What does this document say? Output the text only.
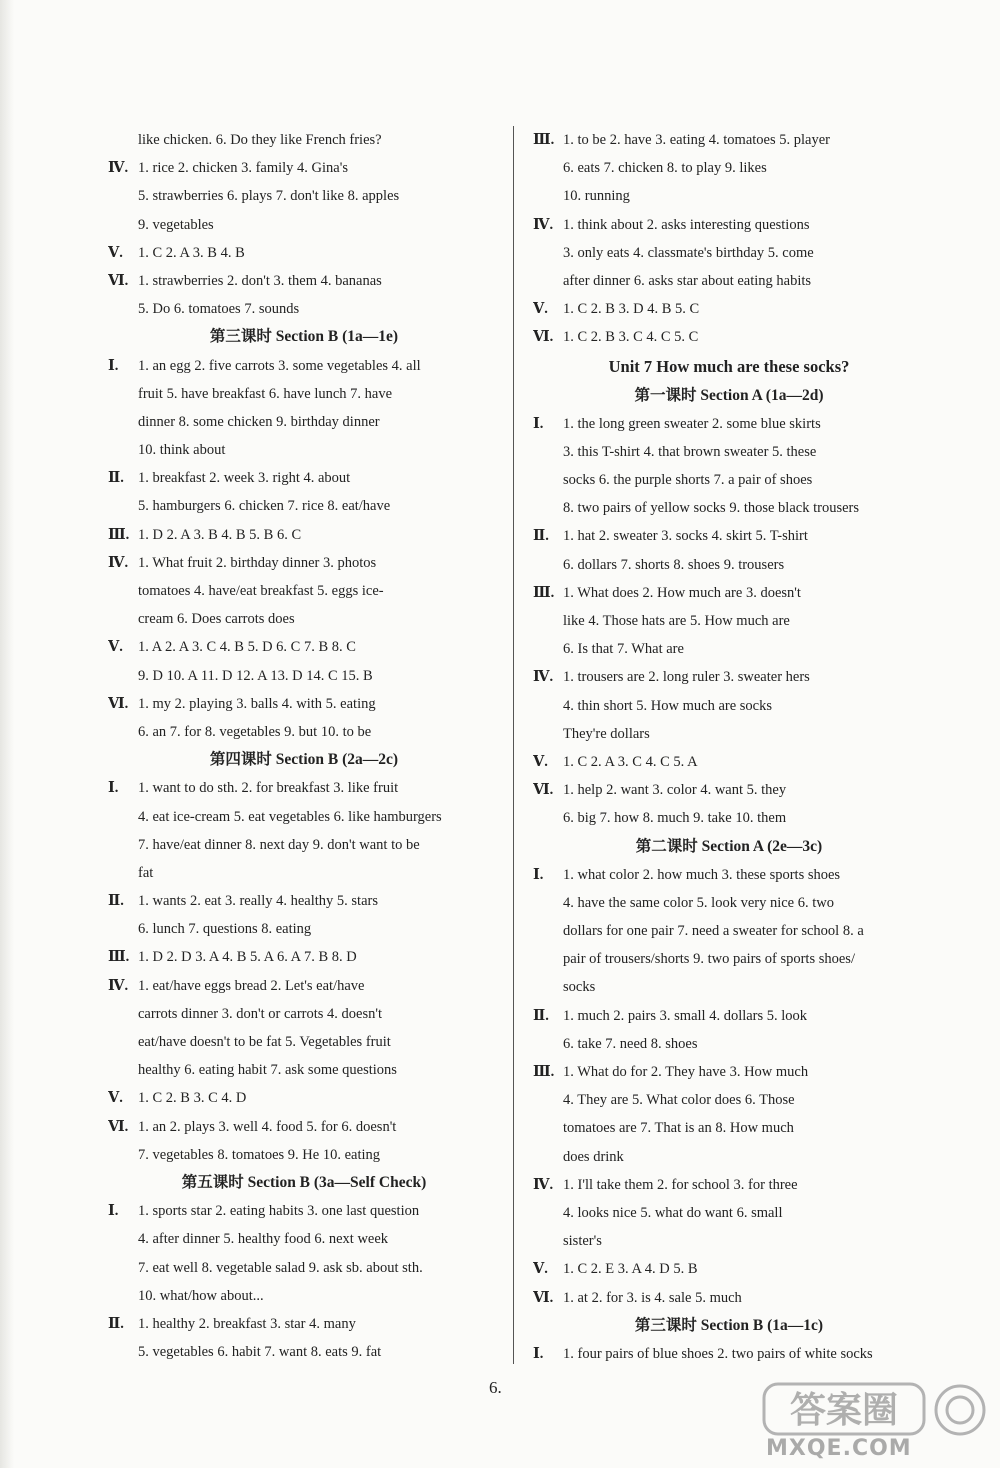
like chicken. 6. Do they like French fries?
Ⅳ. 1. rice 2. chicken 3. family 4. Gina's
5. strawberries 6. plays 7. don't like 8. apples
9. vegetables
Ⅴ. 1. C 2. A 3. B 4. B
Ⅵ. 1. strawberries 2. don't 3. them 4. bananas
5. Do 6. tomatoes 7. sounds
第三课时 Section B (1a—1e)
Ⅰ. 1. an egg 2. five carrots 3. some vegetables 4. all
fruit 5. have breakfast 6. have lunch 7. have
dinner 8. some chicken 9. birthday dinner
10. think about
Ⅱ. 1. breakfast 2. week 3. right 4. about
5. hamburgers 6. chicken 7. rice 8. eat/have
Ⅲ. 1. D 2. A 3. B 4. B 5. B 6. C
Ⅳ. 1. What fruit 2. birthday dinner 3. photos
tomatoes 4. have/eat breakfast 5. eggs ice-
cream 6. Does carrots does
Ⅴ. 1. A 2. A 3. C 4. B 5. D 6. C 7. B 8. C
9. D 10. A 11. D 12. A 13. D 14. C 15. B
Ⅵ. 1. my 2. playing 3. balls 4. with 5. eating
6. an 7. for 8. vegetables 9. but 10. to be
第四课时 Section B (2a—2c)
Ⅰ. 1. want to do sth. 2. for breakfast 3. like fruit
4. eat ice-cream 5. eat vegetables 6. like hamburgers
7. have/eat dinner 8. next day 9. don't want to be
fat
Ⅱ. 1. wants 2. eat 3. really 4. healthy 5. stars
6. lunch 7. questions 8. eating
Ⅲ. 1. D 2. D 3. A 4. B 5. A 6. A 7. B 8. D
Ⅳ. 1. eat/have eggs bread 2. Let's eat/have
carrots dinner 3. don't or carrots 4. doesn't
eat/have doesn't to be fat 5. Vegetables fruit
healthy 6. eating habit 7. ask some questions
Ⅴ. 1. C 2. B 3. C 4. D
Ⅵ. 1. an 2. plays 3. well 4. food 5. for 6. doesn't
7. vegetables 8. tomatoes 9. He 10. eating
第五课时 Section B (3a—Self Check)
Ⅰ. 1. sports star 2. eating habits 3. one last question
4. after dinner 5. healthy food 6. next week
7. eat well 8. vegetable salad 9. ask sb. about sth.
10. what/how about...
Ⅱ. 1. healthy 2. breakfast 3. star 4. many
5. vegetables 6. habit 7. want 8. eats 9. fat
Ⅲ. 1. to be 2. have 3. eating 4. tomatoes 5. player
6. eats 7. chicken 8. to play 9. likes
10. running
Ⅳ. 1. think about 2. asks interesting questions
3. only eats 4. classmate's birthday 5. come
after dinner 6. asks star about eating habits
Ⅴ. 1. C 2. B 3. D 4. B 5. C
Ⅵ. 1. C 2. B 3. C 4. C 5. C
Unit 7 How much are these socks?
第一课时 Section A (1a—2d)
Ⅰ. 1. the long green sweater 2. some blue skirts
3. this T-shirt 4. that brown sweater 5. these
socks 6. the purple shorts 7. a pair of shoes
8. two pairs of yellow socks 9. those black trousers
Ⅱ. 1. hat 2. sweater 3. socks 4. skirt 5. T-shirt
6. dollars 7. shorts 8. shoes 9. trousers
Ⅲ. 1. What does 2. How much are 3. doesn't
like 4. Those hats are 5. How much are
6. Is that 7. What are
Ⅳ. 1. trousers are 2. long ruler 3. sweater hers
4. thin short 5. How much are socks
They're dollars
Ⅴ. 1. C 2. A 3. C 4. C 5. A
Ⅵ. 1. help 2. want 3. color 4. want 5. they
6. big 7. how 8. much 9. take 10. them
第二课时 Section A (2e—3c)
Ⅰ. 1. what color 2. how much 3. these sports shoes
4. have the same color 5. look very nice 6. two
dollars for one pair 7. need a sweater for school 8. a
pair of trousers/shorts 9. two pairs of sports shoes/
socks
Ⅱ. 1. much 2. pairs 3. small 4. dollars 5. look
6. take 7. need 8. shoes
Ⅲ. 1. What do for 2. They have 3. How much
4. They are 5. What color does 6. Those
tomatoes are 7. That is an 8. How much
does drink
Ⅳ. 1. I'll take them 2. for school 3. for three
4. looks nice 5. what do want 6. small
sister's
Ⅴ. 1. C 2. E 3. A 4. D 5. B
Ⅵ. 1. at 2. for 3. is 4. sale 5. much
第三课时 Section B (1a—1c)
Ⅰ. 1. four pairs of blue shoes 2. two pairs of white socks
6.
答案圈
MXQE.COM
